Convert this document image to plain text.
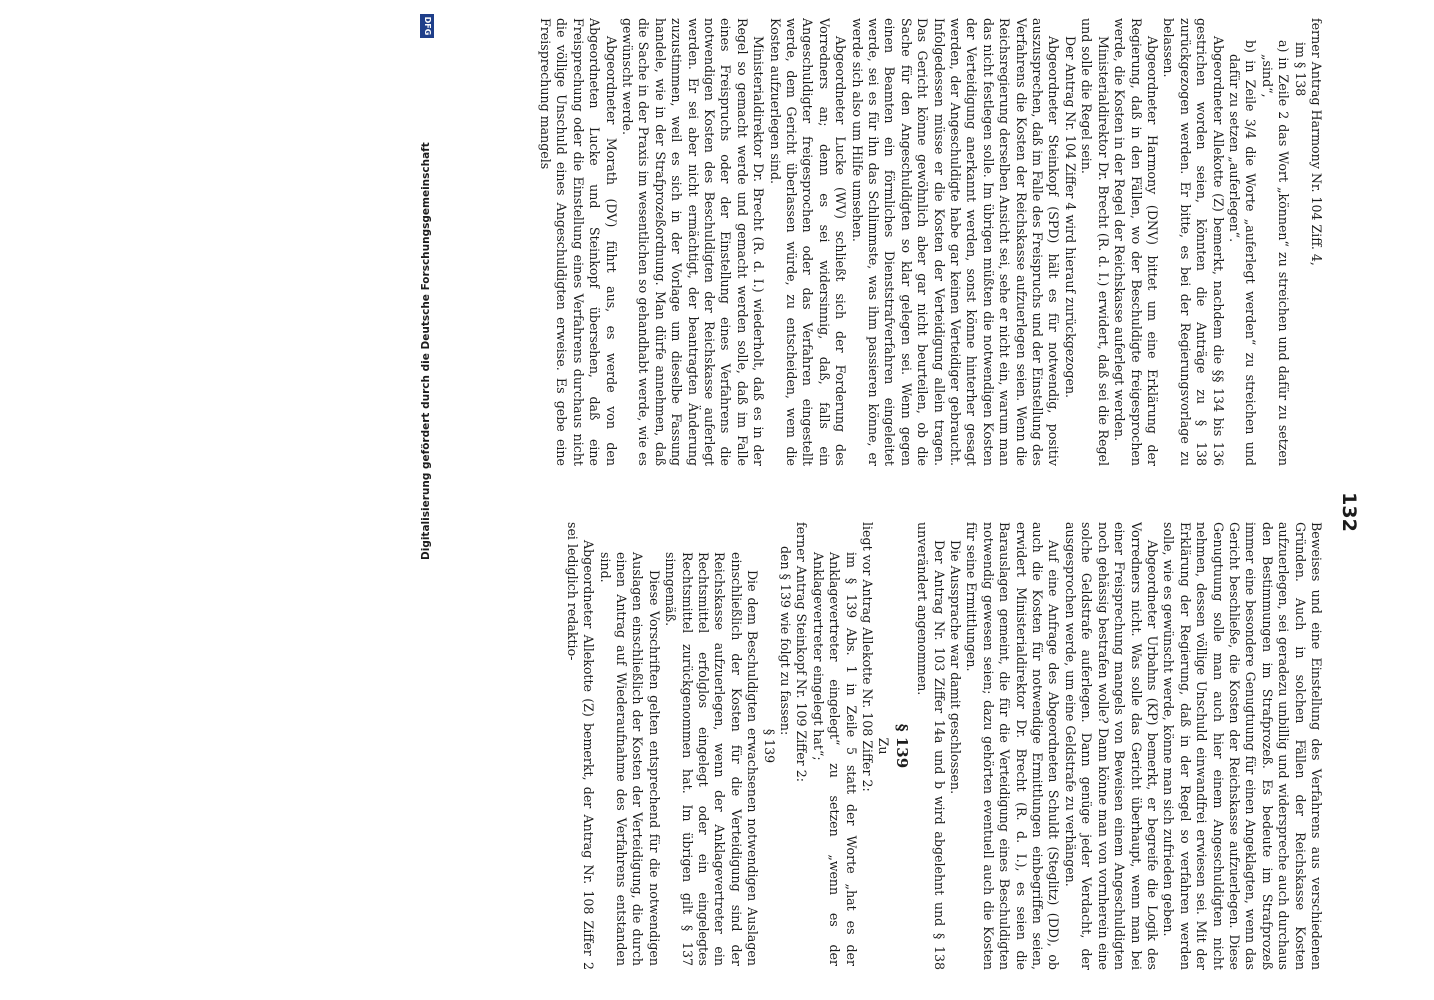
132

ferner Antrag Harmony Nr. 104 Ziff. 4,

im § 138

a) in Zeile 2 das Wort „können“ zu streichen und dafür zu setzen „sind“,

b) in Zeile 3/4 die Worte „auferlegt werden“ zu streichen und dafür zu setzen „auferlegen“.

Abgeordneter Allekotte (Z) bemerkt, nachdem die §§ 134 bis 136 gestrichen worden seien, könnten die Anträge zu § 138 zurückgezogen werden. Er bitte, es bei der Regierungsvorlage zu belassen.

Abgeordneter Harmony (DNV) bittet um eine Erklärung der Regierung, daß in den Fällen, wo der Beschuldigte freigesprochen werde, die Kosten in der Regel der Reichskasse auferlegt werden.

Ministerialdirektor Dr. Brecht (R. d. I.) erwidert, daß sei die Regel und solle die Regel sein.

Der Antrag Nr. 104 Ziffer 4 wird hierauf zurückgezogen.

Abgeordneter Steinkopf (SPD) hält es für notwendig, positiv auszusprechen, daß im Falle des Freispruchs und der Einstellung des Verfahrens die Kosten der Reichskasse aufzuerlegen seien. Wenn die Reichsregierung derselben Ansicht sei, sehe er nicht ein, warum man das nicht festlegen solle. Im übrigen müßten die notwendigen Kosten der Verteidigung anerkannt werden, sonst könne hinterher gesagt werden, der Angeschuldigte habe gar keinen Verteidiger gebraucht. Infolgedessen müsse er die Kosten der Verteidigung allein tragen. Das Gericht könne gewöhnlich aber gar nicht beurteilen, ob die Sache für den Angeschuldigten so klar gelegen sei. Wenn gegen einen Beamten ein förmliches Dienststrafverfahren eingeleitet werde, sei es für ihn das Schlimmste, was ihm passieren könne, er werde sich also um Hilfe umsehen.

Abgeordneter Lucke (WV) schließt sich der Forderung des Vorredners an; denn es sei widersinnig, daß, falls ein Angeschuldigter freigesprochen oder das Verfahren eingestellt werde, dem Gericht überlassen würde, zu entscheiden, wem die Kosten aufzuerlegen sind.

Ministerialdirektor Dr. Brecht (R. d. I.) wiederholt, daß es in der Regel so gemacht werde und gemacht werden solle, daß im Falle eines Freispruchs oder der Einstellung eines Verfahrens die notwendigen Kosten des Beschuldigten der Reichskasse auferlegt werden. Er sei aber nicht ermächtigt, der beantragten Änderung zuzustimmen, weil es sich in der Vorlage um dieselbe Fassung handele, wie in der Strafprozeßordnung. Man dürfe annehmen, daß die Sache in der Praxis im wesentlichen so gehandhabt werde, wie es gewünscht werde.

Abgeordneter Morath (DV) führt aus, es werde von den Abgeordneten Lucke und Steinkopf übersehen, daß eine Freisprechung oder die Einstellung eines Verfahrens durchaus nicht die völlige Unschuld eines Angeschuldigten erweise. Es gebe eine Freisprechung mangels

Beweises und eine Einstellung des Verfahrens aus verschiedenen Gründen. Auch in solchen Fällen der Reichskasse Kosten aufzuerlegen, sei geradezu unbillig und widerspreche auch durchaus den Bestimmungen im Strafprozeß. Es bedeute im Strafprozeß immer eine besondere Genugtuung für einen Angeklagten, wenn das Gericht beschließe, die Kosten der Reichskasse aufzuerlegen. Diese Genugtuung solle man auch hier einem Angeschuldigten nicht nehmen, dessen völlige Unschuld einwandfrei erwiesen sei. Mit der Erklärung der Regierung, daß in der Regel so verfahren werden solle, wie es gewünscht werde, könne man sich zufrieden geben.

Abgeordneter Urbahns (KP) bemerkt, er begreife die Logik des Vorredners nicht. Was solle das Gericht überhaupt, wenn man bei einer Freisprechung mangels von Beweisen einem Angeschuldigten noch gehässig bestrafen wolle? Dann könne man von vornherein eine solche Geldstrafe auferlegen. Dann genüge jeder Verdacht, der ausgesprochen werde, um eine Geldstrafe zu verhängen.

Auf eine Anfrage des Abgeordneten Schuldt (Steglitz) (DD), ob auch die Kosten für notwendige Ermittlungen einbegriffen seien, erwidert Ministerialdirektor Dr. Brecht (R. d. I.), es seien die Barauslagen gemeint, die für die Verteidigung eines Beschuldigten notwendig gewesen seien; dazu gehörten eventuell auch die Kosten für seine Ermittlungen.

Die Aussprache war damit geschlossen.

Der Antrag Nr. 103 Ziffer 14a und b wird abgelehnt und § 138 unverändert angenommen.

§ 139

Zu

liegt vor Antrag Allekotte Nr. 108 Ziffer 2:

im § 139 Abs. 1 in Zeile 5 statt der Worte „hat es der Anklagevertreter eingelegt“ zu setzen „wenn es der Anklagevertreter eingelegt hat“;

ferner Antrag Steinkopf Nr. 109 Ziffer 2:

den § 139 wie folgt zu fassen:

§ 139

Die dem Beschuldigten erwachsenen notwendigen Auslagen einschließlich der Kosten für die Verteidigung sind der Reichskasse aufzuerlegen, wenn der Anklagevertreter ein Rechtsmittel erfolglos eingelegt oder ein eingelegtes Rechtsmittel zurückgenommen hat. Im übrigen gilt § 137 sinngemäß.

Diese Vorschriften gelten entsprechend für die notwendigen Auslagen einschließlich der Kosten der Verteidigung, die durch einen Antrag auf Wiederaufnahme des Verfahrens entstanden sind.

Abgeordneter Allekotte (Z) bemerkt, der Antrag Nr. 108 Ziffer 2 sei lediglich redaktio-

DFG
Digitalisierung gefördert durch die Deutsche Forschungsgemeinschaft
